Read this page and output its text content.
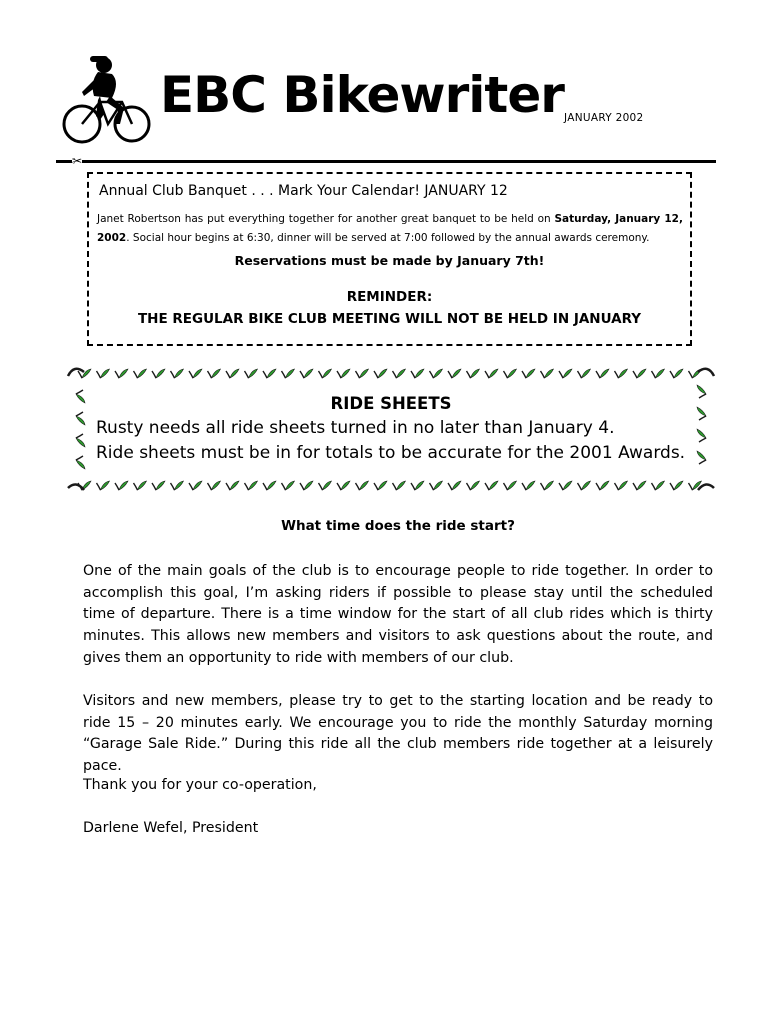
EBC Bikewriter JANUARY 2002
✂
Annual Club Banquet . . . Mark Your Calendar! JANUARY 12
Janet Robertson has put everything together for another great banquet to be held on Saturday, January 12, 2002. Social hour begins at 6:30, dinner will be served at 7:00 followed by the annual awards ceremony.
Reservations must be made by January 7th!
REMINDER:
THE REGULAR BIKE CLUB MEETING WILL NOT BE HELD IN JANUARY
RIDE SHEETS
Rusty needs all ride sheets turned in no later than January 4.
Ride sheets must be in for totals to be accurate for the 2001 Awards.
What time does the ride start?
One of the main goals of the club is to encourage people to ride together. In order to accomplish this goal, I’m asking riders if possible to please stay until the scheduled time of departure. There is a time window for the start of all club rides which is thirty minutes. This allows new members and visitors to ask questions about the route, and gives them an opportunity to ride with members of our club.
Visitors and new members, please try to get to the starting location and be ready to ride 15 – 20 minutes early. We encourage you to ride the monthly Saturday morning “Garage Sale Ride.” During this ride all the club members ride together at a leisurely pace.
Thank you for your co-operation,
Darlene Wefel, President
